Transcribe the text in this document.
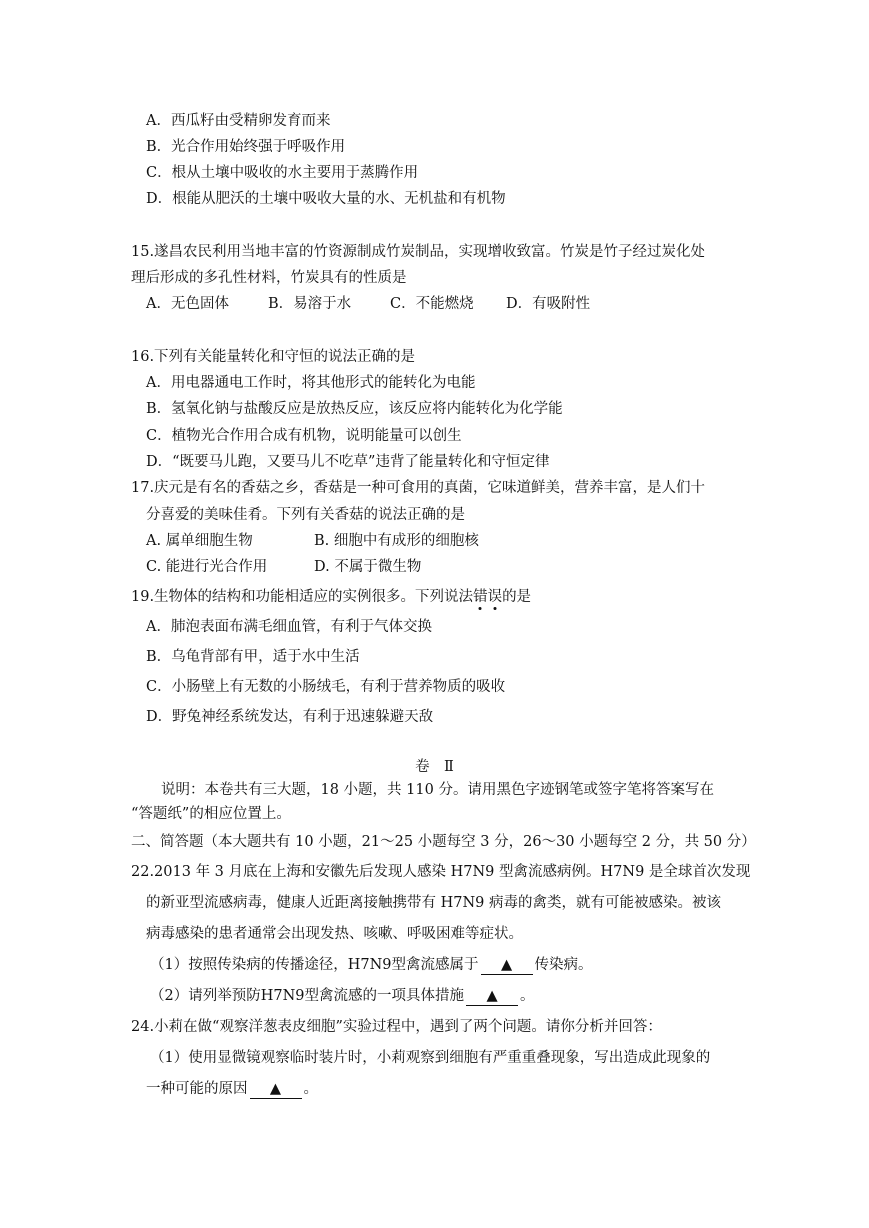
A．西瓜籽由受精卵发育而来
B．光合作用始终强于呼吸作用
C．根从土壤中吸收的水主要用于蒸腾作用
D．根能从肥沃的土壤中吸收大量的水、无机盐和有机物
15.遂昌农民利用当地丰富的竹资源制成竹炭制品，实现增收致富。竹炭是竹子经过炭化处
理后形成的多孔性材料，竹炭具有的性质是
A．无色固体	B．易溶于水	C．不能燃烧 D．有吸附性
16.下列有关能量转化和守恒的说法正确的是
A．用电器通电工作时，将其他形式的能转化为电能
B．氢氧化钠与盐酸反应是放热反应，该反应将内能转化为化学能
C．植物光合作用合成有机物，说明能量可以创生
D．“既要马儿跑，又要马儿不吃草”违背了能量转化和守恒定律
17.庆元是有名的香菇之乡，香菇是一种可食用的真菌，它味道鲜美，营养丰富，是人们十
分喜爱的美味佳肴。下列有关香菇的说法正确的是
A. 属单细胞生物	B. 细胞中有成形的细胞核
C. 能进行光合作用	D. 不属于微生物
19.生物体的结构和功能相适应的实例很多。下列说法错误的是
A．肺泡表面布满毛细血管，有利于气体交换
B．乌龟背部有甲，适于水中生活
C．小肠壁上有无数的小肠绒毛，有利于营养物质的吸收
D．野兔神经系统发达，有利于迅速躲避天敌
卷　Ⅱ
说明：本卷共有三大题，18 小题，共 110 分。请用黑色字迹钢笔或签字笔将答案写在
“答题纸”的相应位置上。
二、简答题（本大题共有 10 小题，21～25 小题每空 3 分，26～30 小题每空 2 分，共 50 分）
22.2013 年 3 月底在上海和安徽先后发现人感染 H7N9 型禽流感病例。H7N9 是全球首次发现
的新亚型流感病毒，健康人近距离接触携带有 H7N9 病毒的禽类，就有可能被感染。被该
病毒感染的患者通常会出现发热、咳嗽、呼吸困难等症状。
（1）按照传染病的传播途径，H7N9型禽流感属于 ▲ 传染病。
（2）请列举预防H7N9型禽流感的一项具体措施 ▲ 。
24.小莉在做“观察洋葱表皮细胞”实验过程中，遇到了两个问题。请你分析并回答：
（1）使用显微镜观察临时装片时，小莉观察到细胞有严重重叠现象，写出造成此现象的
一种可能的原因 ▲ 。
